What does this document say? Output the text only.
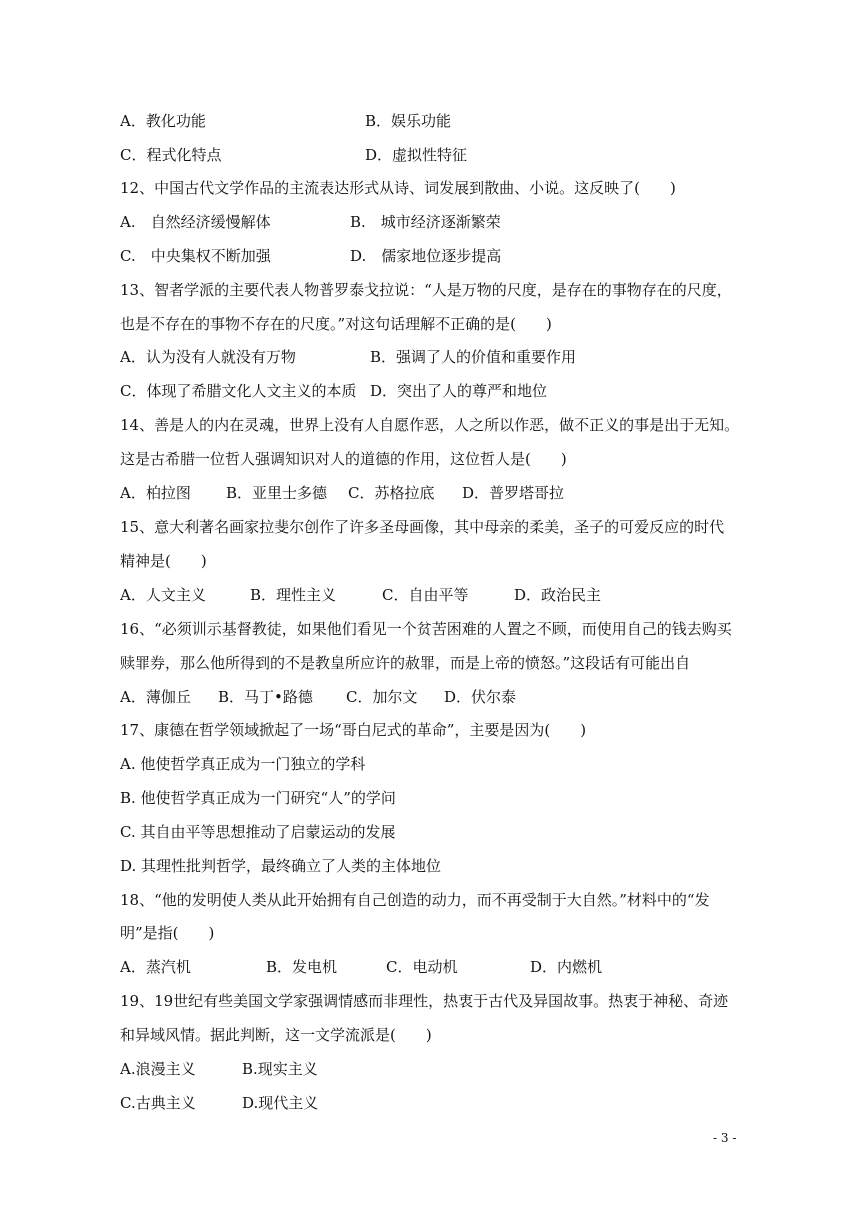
A．教化功能	B．娱乐功能
C．程式化特点	D．虚拟性特征
12、中国古代文学作品的主流表达形式从诗、词发展到散曲、小说。这反映了(　　)
A.　自然经济缓慢解体	B.　城市经济逐渐繁荣
C.　中央集权不断加强	D.　儒家地位逐步提高
13、智者学派的主要代表人物普罗泰戈拉说：“人是万物的尺度，是存在的事物存在的尺度，
也是不存在的事物不存在的尺度。”对这句话理解不正确的是(　　)
A．认为没有人就没有万物	B．强调了人的价值和重要作用
C．体现了希腊文化人文主义的本质 D．突出了人的尊严和地位
14、善是人的内在灵魂，世界上没有人自愿作恶，人之所以作恶，做不正义的事是出于无知。
这是古希腊一位哲人强调知识对人的道德的作用，这位哲人是(　　)
A．柏拉图 B．亚里士多德 C．苏格拉底 D．普罗塔哥拉
15、意大利著名画家拉斐尔创作了许多圣母画像，其中母亲的柔美，圣子的可爱反应的时代
精神是(　　)
A．人文主义	B．理性主义	C．自由平等	D．政治民主
16、“必须训示基督教徒，如果他们看见一个贫苦困难的人置之不顾，而使用自己的钱去购买
赎罪券，那么他所得到的不是教皇所应许的赦罪，而是上帝的愤怒。”这段话有可能出自
A．薄伽丘 B．马丁•路德 C．加尔文 D．伏尔泰
17、康德在哲学领域掀起了一场“哥白尼式的革命”，主要是因为(　　)
A. 他使哲学真正成为一门独立的学科
B. 他使哲学真正成为一门研究“人”的学问
C. 其自由平等思想推动了启蒙运动的发展
D. 其理性批判哲学，最终确立了人类的主体地位
18、“他的发明使人类从此开始拥有自己创造的动力，而不再受制于大自然。”材料中的“发
明”是指(　　)
A．蒸汽机	B．发电机	C．电动机	D．内燃机
19、19世纪有些美国文学家强调情感而非理性，热衷于古代及异国故事。热衷于神秘、奇迹
和异域风情。据此判断，这一文学流派是(　　)
A.浪漫主义	B.现实主义
C.古典主义	D.现代主义
- 3 -
